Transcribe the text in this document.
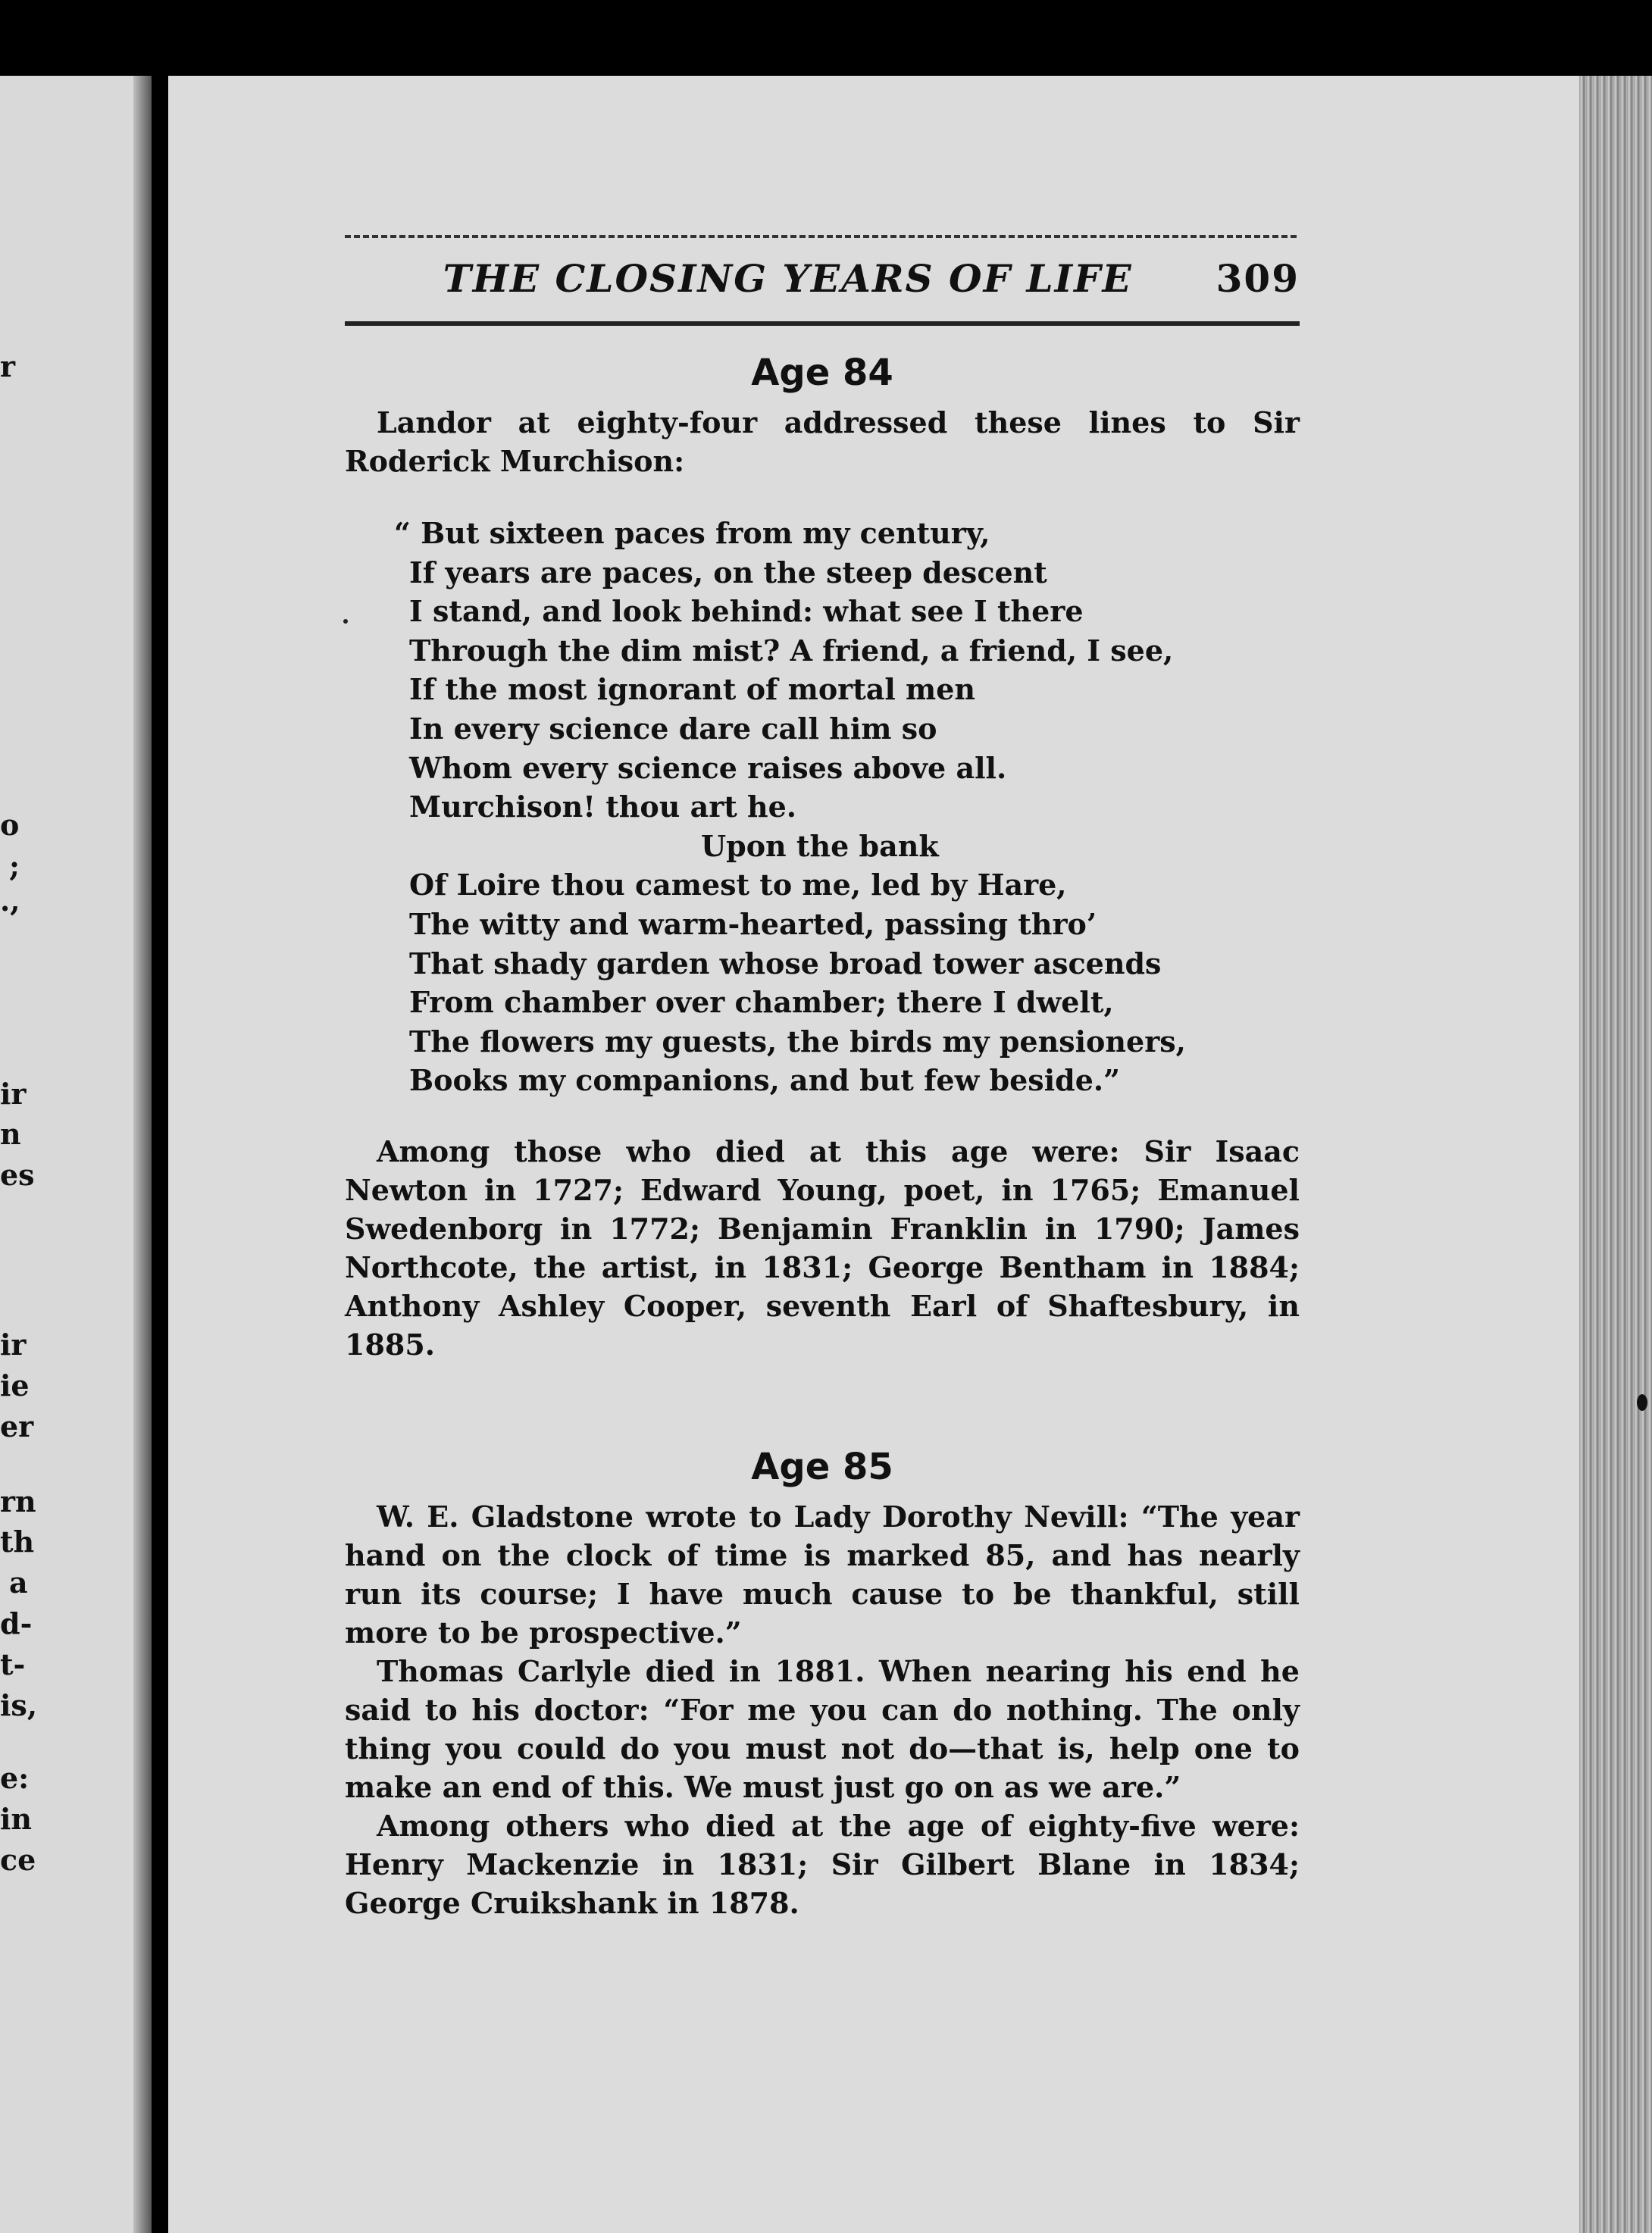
r
o
;
.,
ir
n
es
ir
ie
er
rn
th
a
d-
t-
is,
e:
in
ce
THE CLOSING YEARS OF LIFE 309
Age 84

Landor at eighty-four addressed these lines to Sir Roderick Murchison:

“ But sixteen paces from my century,
If years are paces, on the steep descent
I stand, and look behind: what see I there
Through the dim mist? A friend, a friend, I see,
If the most ignorant of mortal men
In every science dare call him so
Whom every science raises above all.
Murchison! thou art he.
Upon the bank
Of Loire thou camest to me, led by Hare,
The witty and warm-hearted, passing thro’
That shady garden whose broad tower ascends
From chamber over chamber; there I dwelt,
The flowers my guests, the birds my pensioners,
Books my companions, and but few beside.”

Among those who died at this age were: Sir Isaac Newton in 1727; Edward Young, poet, in 1765; Emanuel Swedenborg in 1772; Benjamin Franklin in 1790; James Northcote, the artist, in 1831; George Bentham in 1884; Anthony Ashley Cooper, seventh Earl of Shaftesbury, in 1885.

Age 85

W. E. Gladstone wrote to Lady Dorothy Nevill: “The year hand on the clock of time is marked 85, and has nearly run its course; I have much cause to be thankful, still more to be prospective.”

Thomas Carlyle died in 1881. When nearing his end he said to his doctor: “For me you can do nothing. The only thing you could do you must not do—that is, help one to make an end of this. We must just go on as we are.”

Among others who died at the age of eighty-five were: Henry Mackenzie in 1831; Sir Gilbert Blane in 1834; George Cruikshank in 1878.
